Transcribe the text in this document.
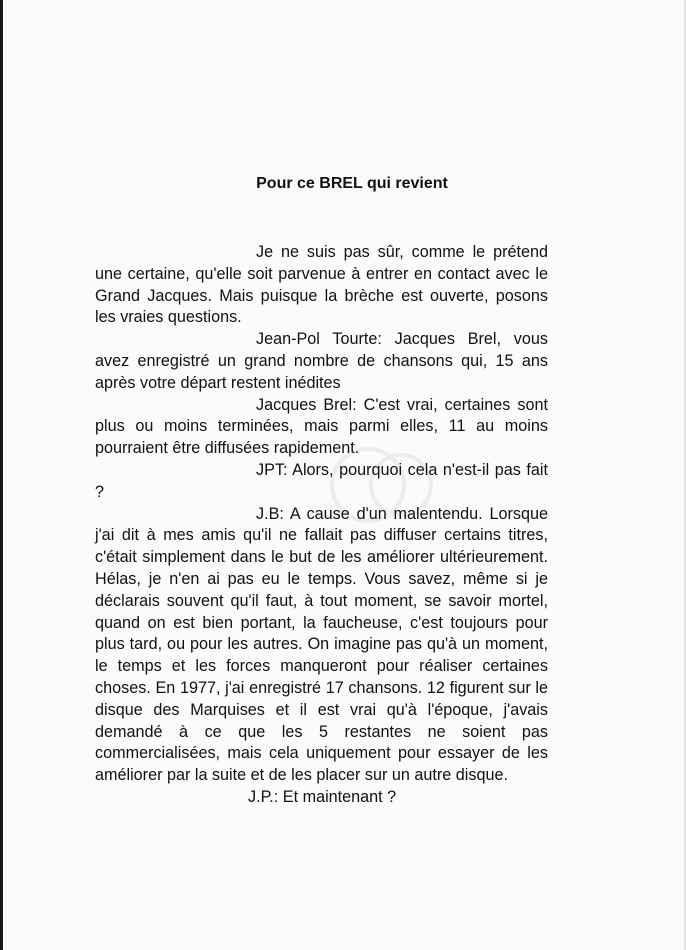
Pour ce BREL qui revient

Je ne suis pas sûr, comme le prétend une certaine, qu'elle soit parvenue à entrer en contact avec le Grand Jacques. Mais puisque la brèche est ouverte, posons les vraies questions.

Jean-Pol Tourte: Jacques Brel, vous avez enregistré un grand nombre de chansons qui, 15 ans après votre départ restent inédites

Jacques Brel: C'est vrai, certaines sont plus ou moins terminées, mais parmi elles, 11 au moins pourraient être diffusées rapidement.

JPT: Alors, pourquoi cela n'est-il pas fait ?

J.B: A cause d'un malentendu. Lorsque j'ai dit à mes amis qu'il ne fallait pas diffuser certains titres, c'était simplement dans le but de les améliorer ultérieurement. Hélas, je n'en ai pas eu le temps. Vous savez, même si je déclarais souvent qu'il faut, à tout moment, se savoir mortel, quand on est bien portant, la faucheuse, c'est toujours pour plus tard, ou pour les autres. On imagine pas qu'à un moment, le temps et les forces manqueront pour réaliser certaines choses. En 1977, j'ai enregistré 17 chansons. 12 figurent sur le disque des Marquises et il est vrai qu'à l'époque, j'avais demandé à ce que les 5 restantes ne soient pas commercialisées, mais cela uniquement pour essayer de les améliorer par la suite et de les placer sur un autre disque.

J.P.: Et maintenant ?
